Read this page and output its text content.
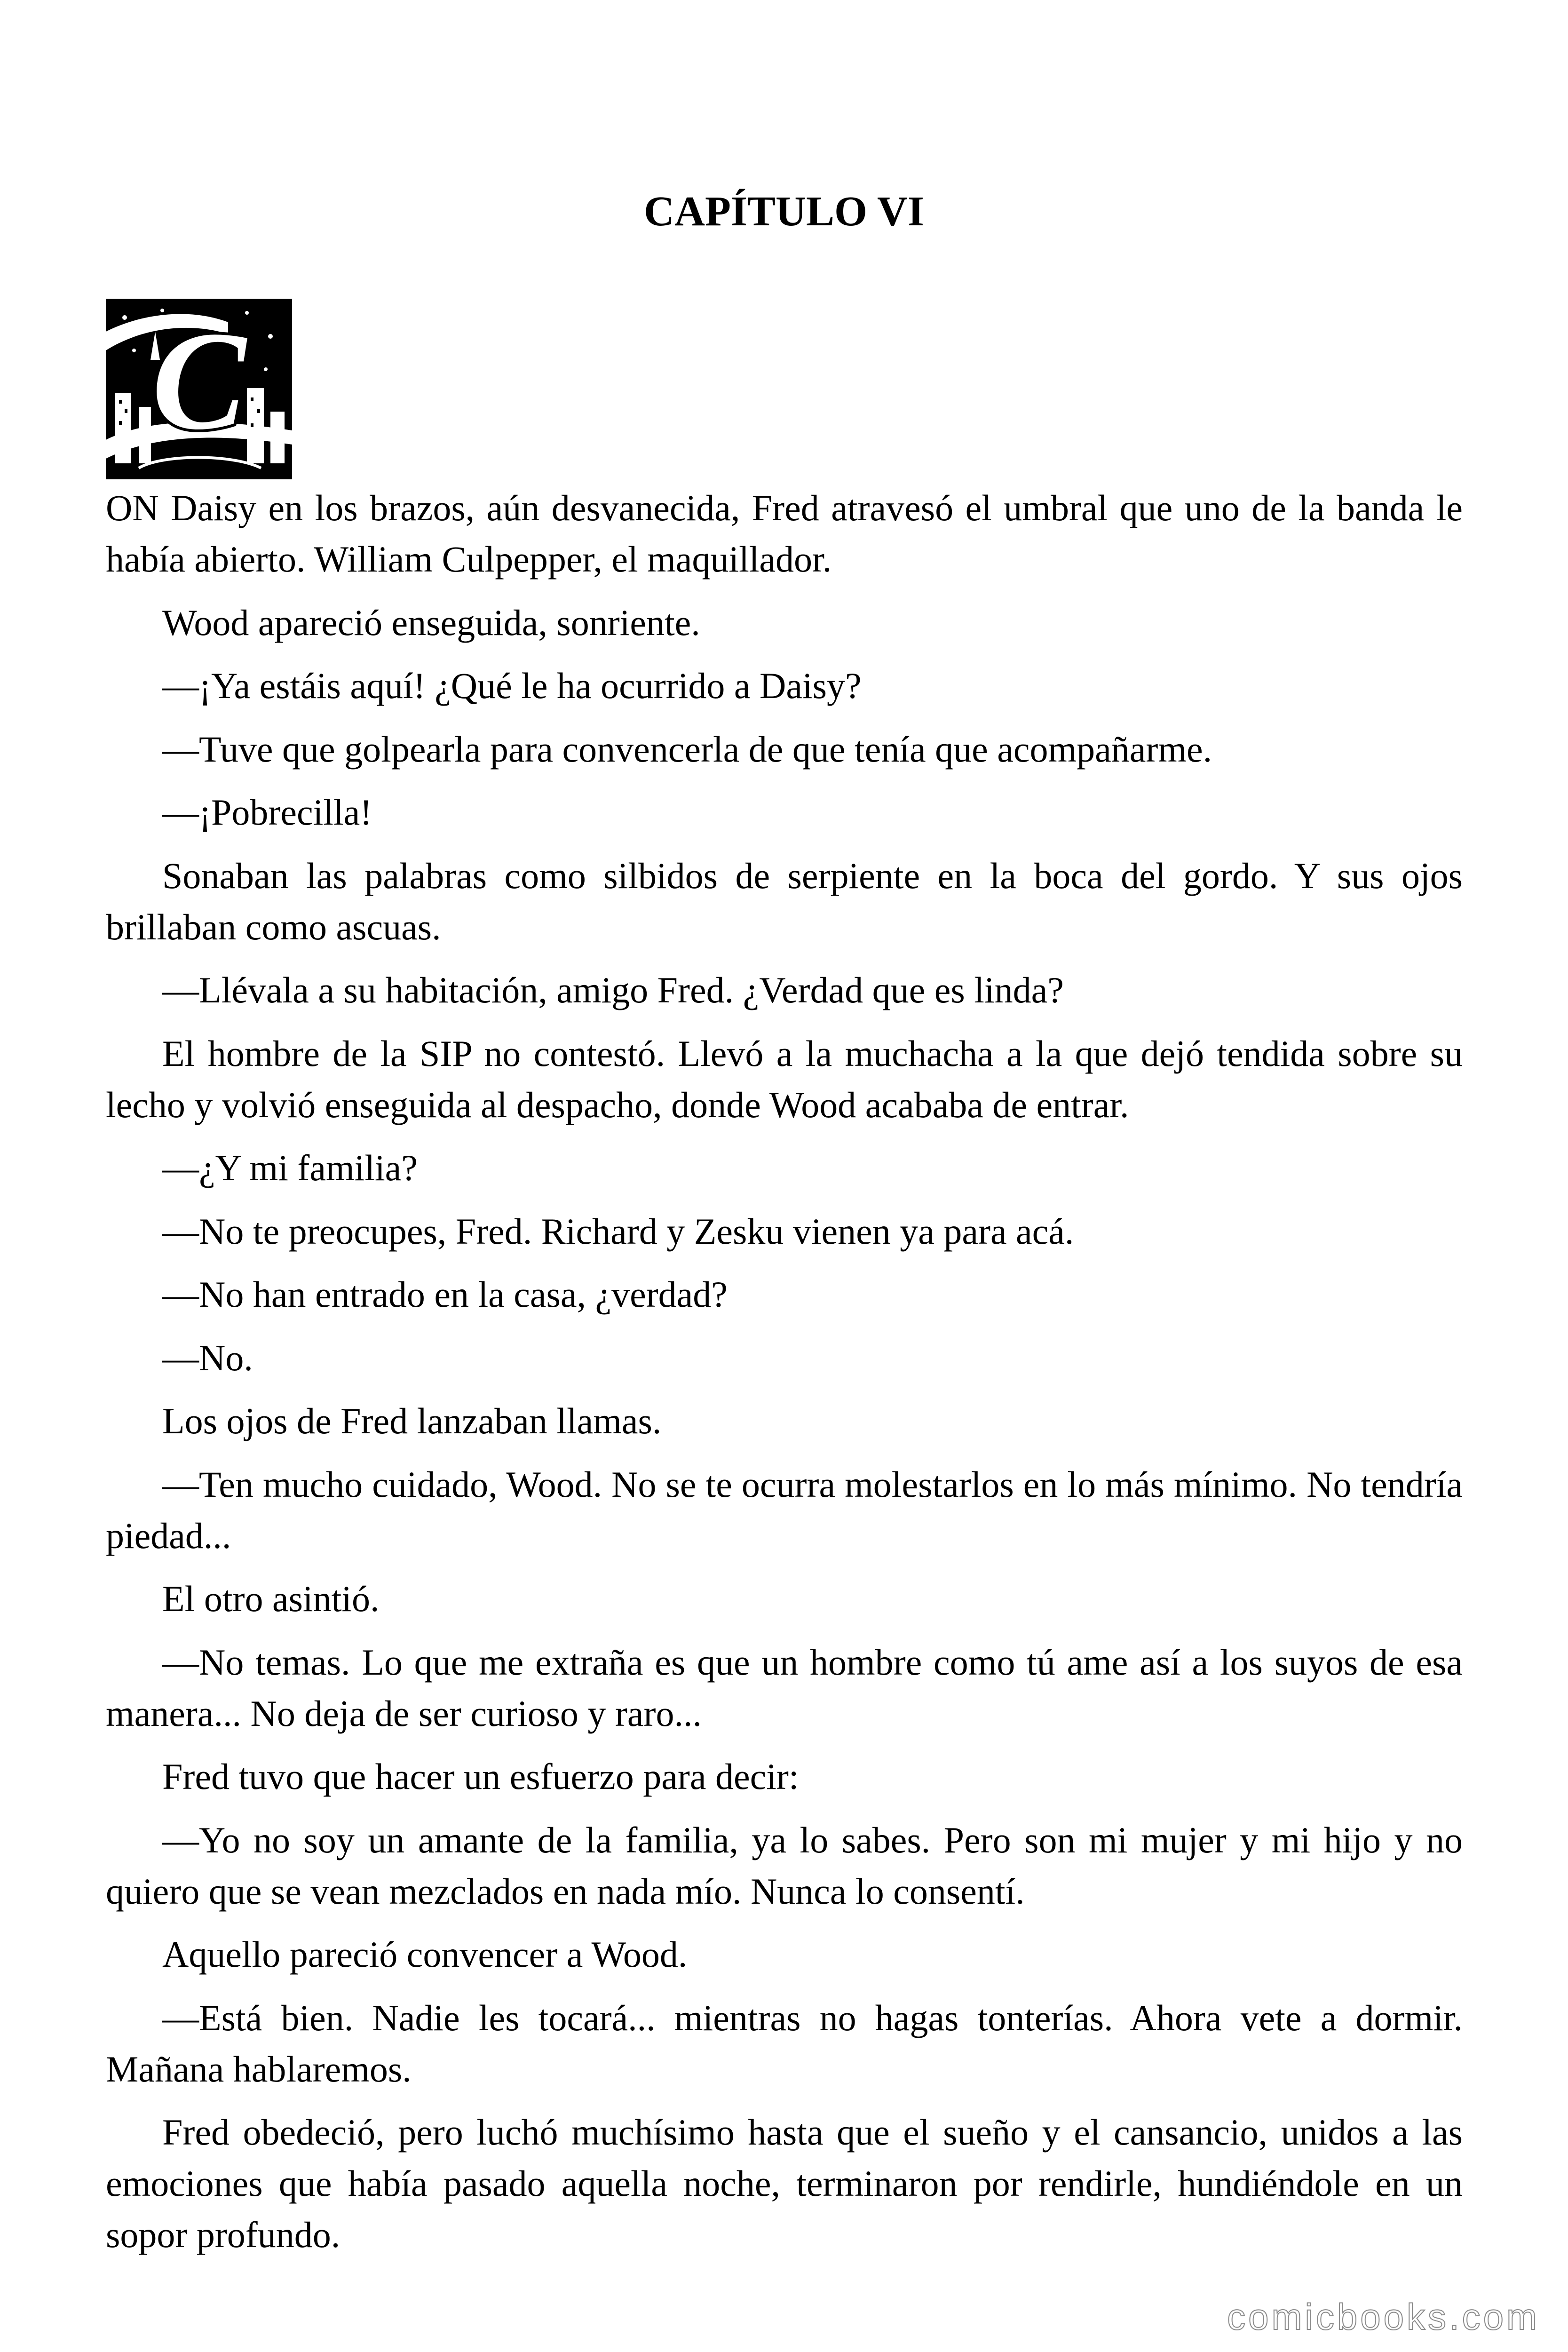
CAPÍTULO VI
C

ON Daisy en los brazos, aún desvanecida, Fred atravesó el umbral que uno de la banda le había abierto. William Culpepper, el maquillador.

Wood apareció enseguida, sonriente.

—¡Ya estáis aquí! ¿Qué le ha ocurrido a Daisy?

—Tuve que golpearla para convencerla de que tenía que acompañarme.

—¡Pobrecilla!

Sonaban las palabras como silbidos de serpiente en la boca del gordo. Y sus ojos brillaban como ascuas.

—Llévala a su habitación, amigo Fred. ¿Verdad que es linda?

El hombre de la SIP no contestó. Llevó a la muchacha a la que dejó tendida sobre su lecho y volvió enseguida al despacho, donde Wood acababa de entrar.

—¿Y mi familia?

—No te preocupes, Fred. Richard y Zesku vienen ya para acá.

—No han entrado en la casa, ¿verdad?

—No.

Los ojos de Fred lanzaban llamas.

—Ten mucho cuidado, Wood. No se te ocurra molestarlos en lo más mínimo. No tendría piedad...

El otro asintió.

—No temas. Lo que me extraña es que un hombre como tú ame así a los suyos de esa manera... No deja de ser curioso y raro...

Fred tuvo que hacer un esfuerzo para decir:

—Yo no soy un amante de la familia, ya lo sabes. Pero son mi mujer y mi hijo y no quiero que se vean mezclados en nada mío. Nunca lo consentí.

Aquello pareció convencer a Wood.

—Está bien. Nadie les tocará... mientras no hagas tonterías. Ahora vete a dormir. Mañana hablaremos.

Fred obedeció, pero luchó muchísimo hasta que el sueño y el cansancio, unidos a las emociones que había pasado aquella noche, terminaron por rendirle, hundiéndole en un sopor profundo.

comicbooks.com
